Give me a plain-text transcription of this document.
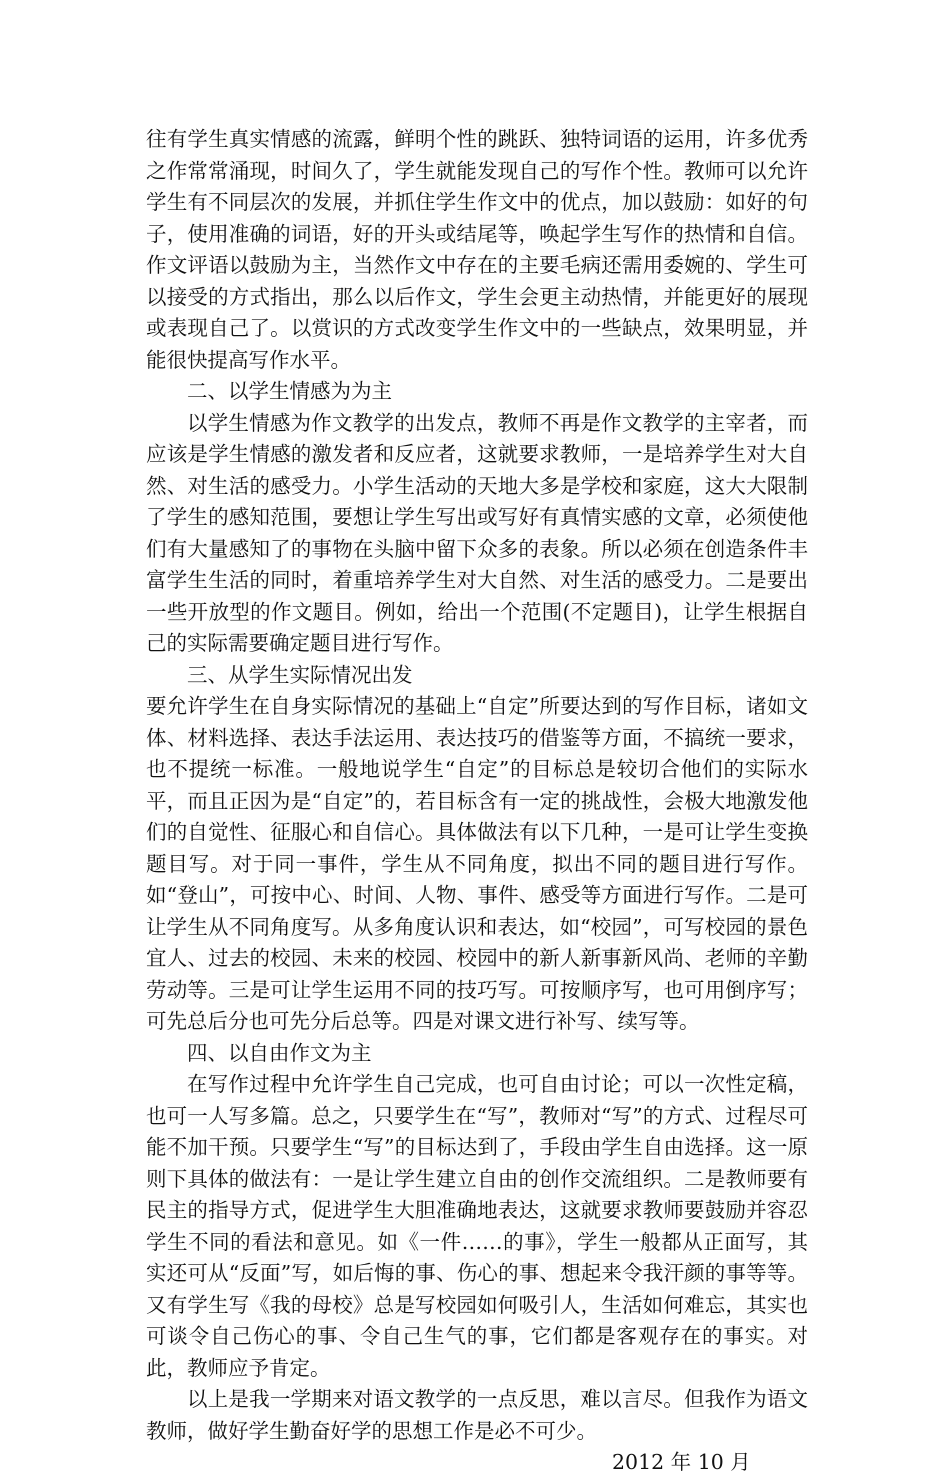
往有学生真实情感的流露，鲜明个性的跳跃、独特词语的运用，许多优秀之作常常涌现，时间久了，学生就能发现自己的写作个性。教师可以允许学生有不同层次的发展，并抓住学生作文中的优点，加以鼓励：如好的句子，使用准确的词语，好的开头或结尾等，唤起学生写作的热情和自信。作文评语以鼓励为主，当然作文中存在的主要毛病还需用委婉的、学生可以接受的方式指出，那么以后作文，学生会更主动热情，并能更好的展现或表现自己了。以赏识的方式改变学生作文中的一些缺点，效果明显，并能很快提高写作水平。

二、以学生情感为为主

以学生情感为作文教学的出发点，教师不再是作文教学的主宰者，而应该是学生情感的激发者和反应者，这就要求教师，一是培养学生对大自然、对生活的感受力。小学生活动的天地大多是学校和家庭，这大大限制了学生的感知范围，要想让学生写出或写好有真情实感的文章，必须使他们有大量感知了的事物在头脑中留下众多的表象。所以必须在创造条件丰富学生生活的同时，着重培养学生对大自然、对生活的感受力。二是要出一些开放型的作文题目。例如，给出一个范围(不定题目)，让学生根据自己的实际需要确定题目进行写作。

三、从学生实际情况出发

要允许学生在自身实际情况的基础上“自定”所要达到的写作目标，诸如文体、材料选择、表达手法运用、表达技巧的借鉴等方面，不搞统一要求，也不提统一标准。一般地说学生“自定”的目标总是较切合他们的实际水平，而且正因为是“自定”的，若目标含有一定的挑战性，会极大地激发他们的自觉性、征服心和自信心。具体做法有以下几种，一是可让学生变换题目写。对于同一事件，学生从不同角度，拟出不同的题目进行写作。如“登山”，可按中心、时间、人物、事件、感受等方面进行写作。二是可让学生从不同角度写。从多角度认识和表达，如“校园”，可写校园的景色宜人、过去的校园、未来的校园、校园中的新人新事新风尚、老师的辛勤劳动等。三是可让学生运用不同的技巧写。可按顺序写，也可用倒序写；可先总后分也可先分后总等。四是对课文进行补写、续写等。

四、以自由作文为主

在写作过程中允许学生自己完成，也可自由讨论；可以一次性定稿，也可一人写多篇。总之，只要学生在“写”，教师对“写”的方式、过程尽可能不加干预。只要学生“写”的目标达到了，手段由学生自由选择。这一原则下具体的做法有：一是让学生建立自由的创作交流组织。二是教师要有民主的指导方式，促进学生大胆准确地表达，这就要求教师要鼓励并容忍学生不同的看法和意见。如《一件……的事》，学生一般都从正面写，其实还可从“反面”写，如后悔的事、伤心的事、想起来令我汗颜的事等等。又有学生写《我的母校》总是写校园如何吸引人，生活如何难忘，其实也可谈令自己伤心的事、令自己生气的事，它们都是客观存在的事实。对此，教师应予肯定。

以上是我一学期来对语文教学的一点反思，难以言尽。但我作为语文教师，做好学生勤奋好学的思想工作是必不可少。

2012 年 10 月
